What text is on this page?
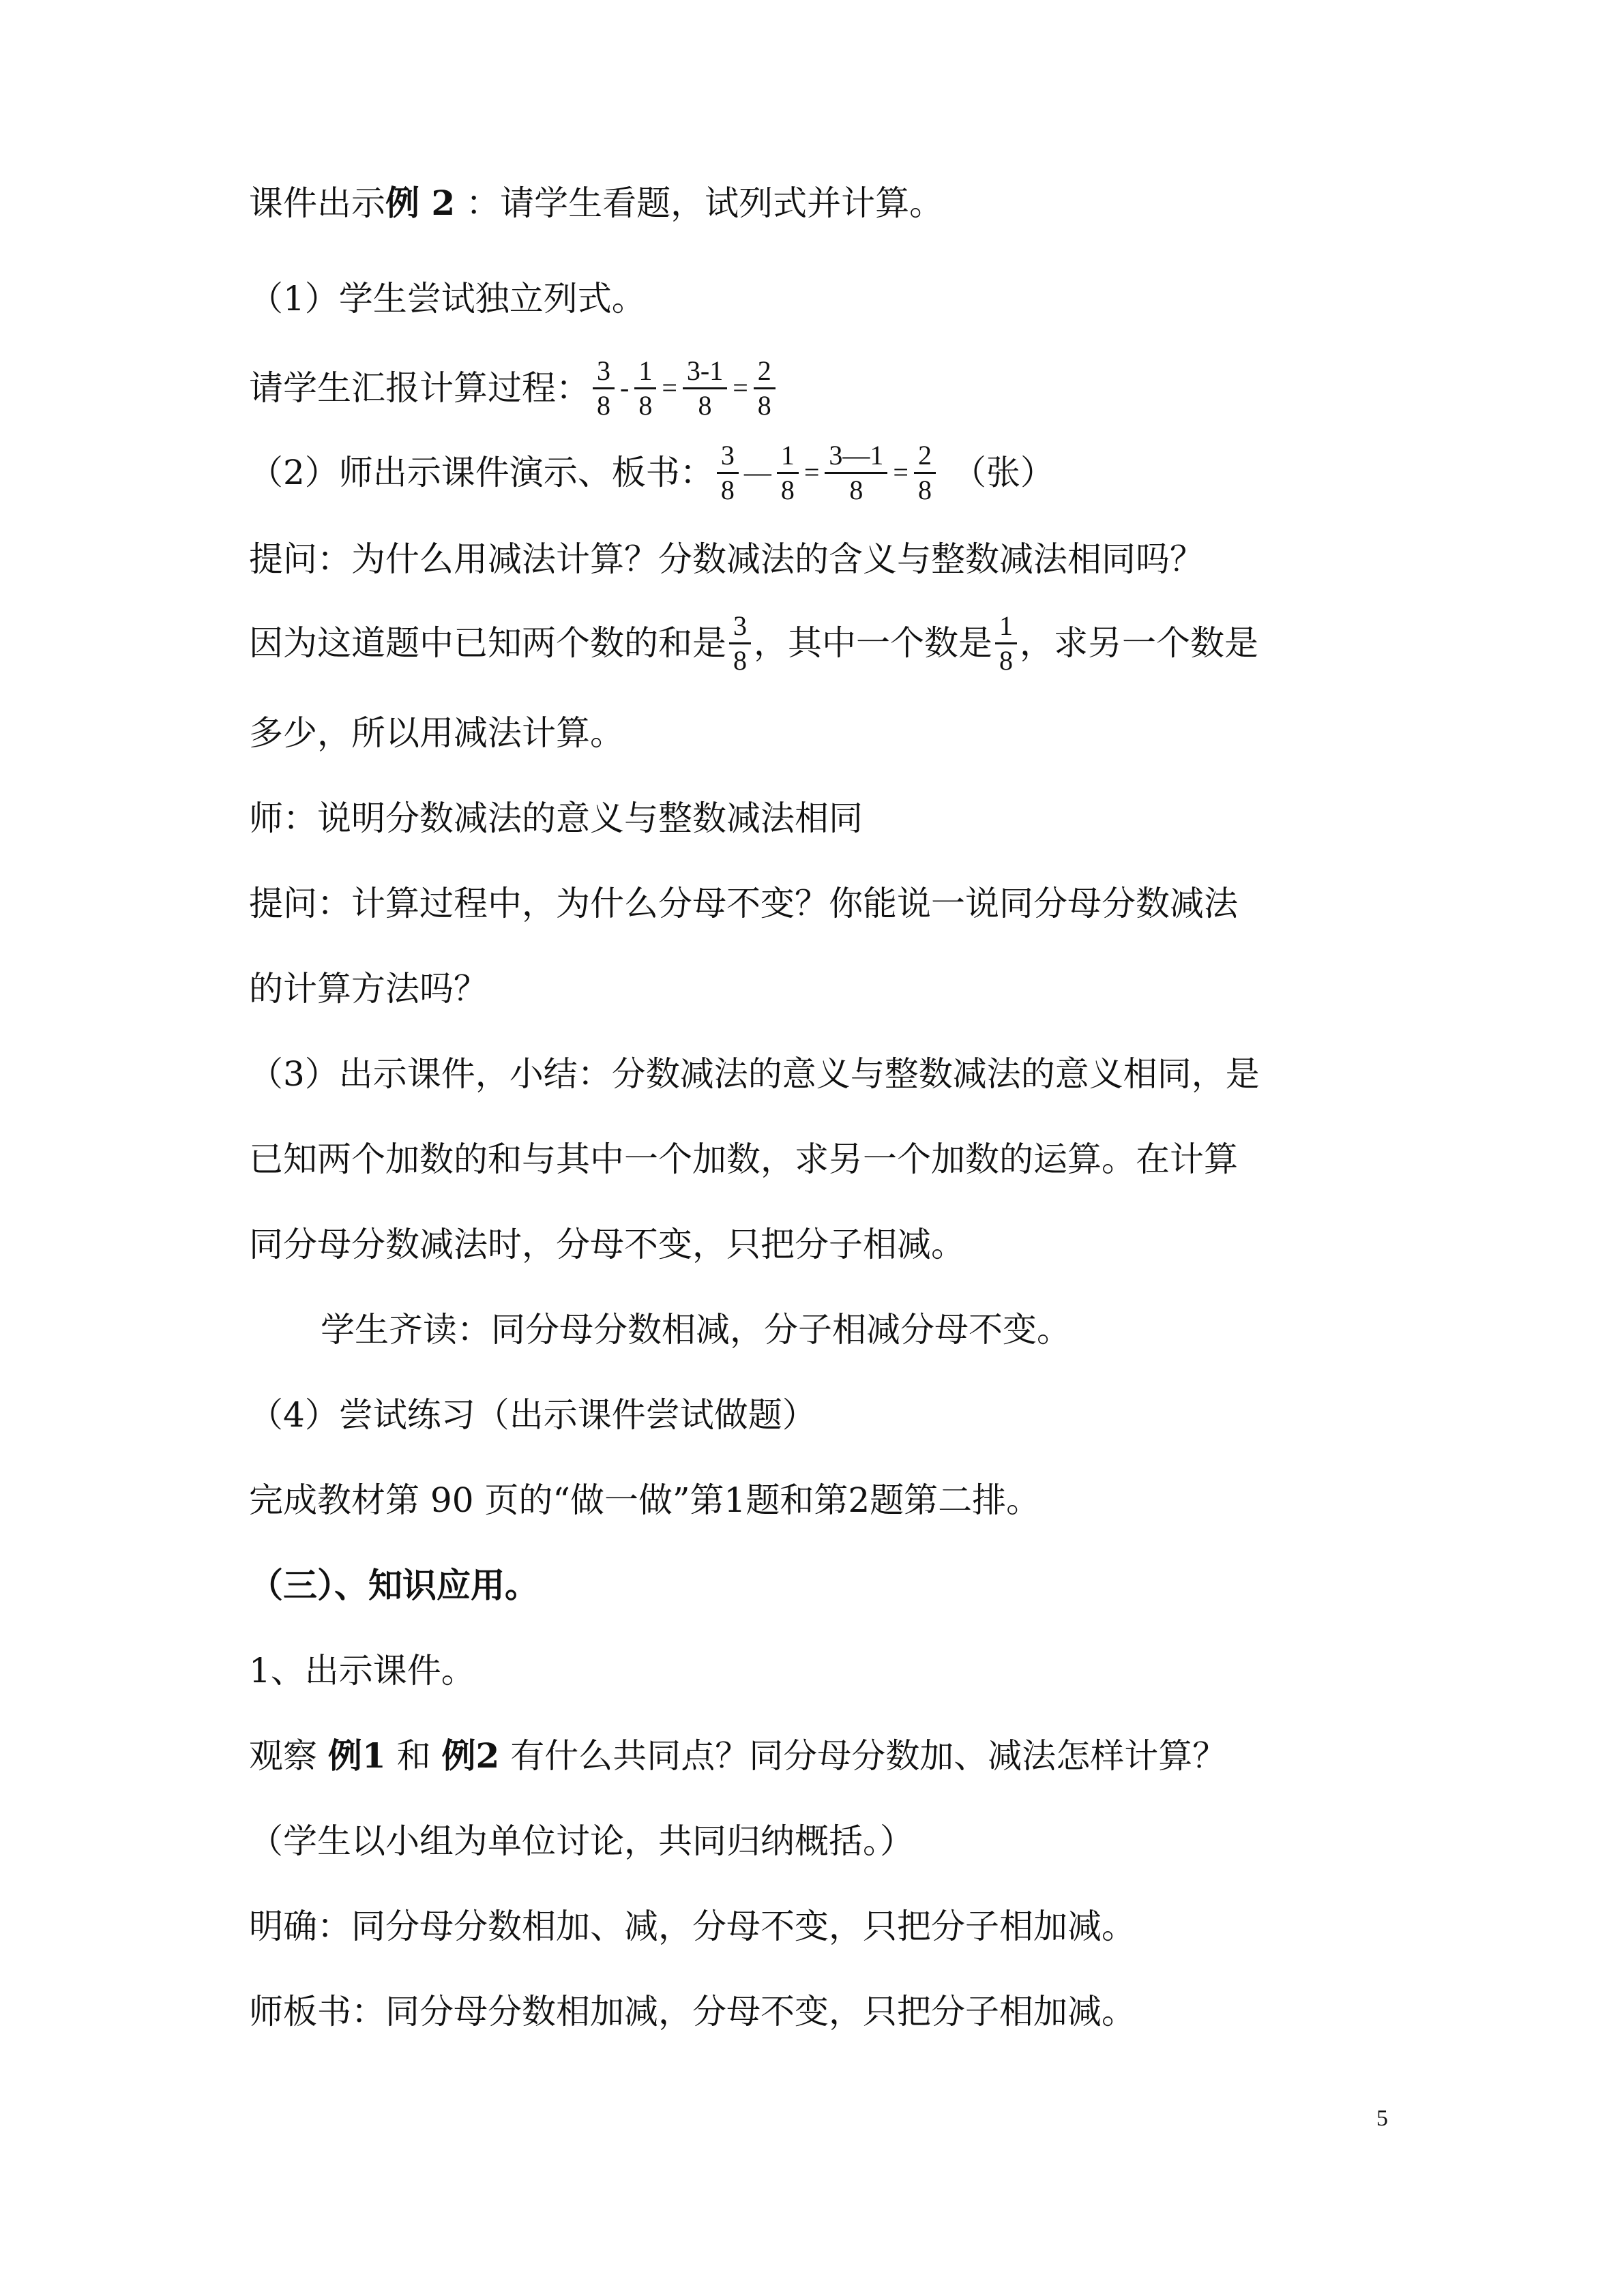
课件出示例 2 ：请学生看题，试列式并计算。
（1）学生尝试独立列式。
请学生汇报计算过程： $\frac{3}{8} - \frac{1}{8} = \frac{3-1}{8} = \frac{2}{8}$
（2）师出示课件演示、板书： $\frac{3}{8}$ — $\frac{1}{8} = \frac{3—1}{8} = \frac{2}{8}$ （张）
提问：为什么用减法计算？分数减法的含义与整数减法相同吗？
因为这道题中已知两个数的和是 $\frac{3}{8}$ ，其中一个数是 $\frac{1}{8}$ ，求另一个数是
多少，所以用减法计算。
师：说明分数减法的意义与整数减法相同
提问：计算过程中，为什么分母不变？你能说一说同分母分数减法
的计算方法吗？
（3）出示课件，小结：分数减法的意义与整数减法的意义相同，是
已知两个加数的和与其中一个加数，求另一个加数的运算。在计算
同分母分数减法时，分母不变，只把分子相减。
学生齐读：同分母分数相减，分子相减分母不变。
（4）尝试练习（出示课件尝试做题）
完成教材第 90 页的“做一做”第1题和第2题第二排。
（三）、知识应用。
1、出示课件。
观察 例1 和 例2 有什么共同点？同分母分数加、减法怎样计算？
（学生以小组为单位讨论，共同归纳概括。）
明确：同分母分数相加、减，分母不变，只把分子相加减。
师板书：同分母分数相加减，分母不变，只把分子相加减。
5
